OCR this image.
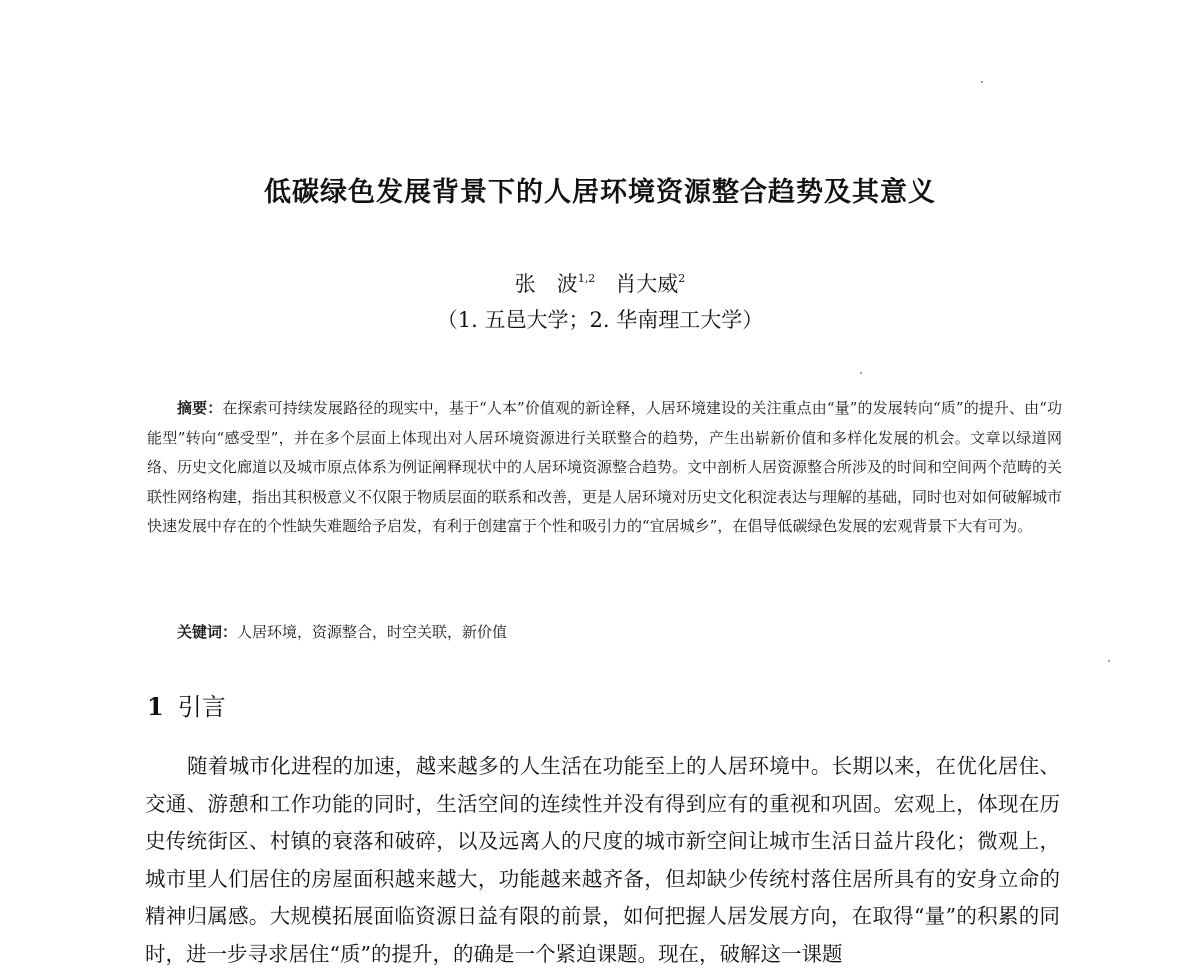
低碳绿色发展背景下的人居环境资源整合趋势及其意义
张　波$^{1,2}$ 肖大威$^2$
（1. 五邑大学；2. 华南理工大学）

摘要：在探索可持续发展路径的现实中，基于“人本”价值观的新诠释，人居环境建设的关注重点由“量”的发展转向“质”的提升、由“功能型”转向“感受型”，并在多个层面上体现出对人居环境资源进行关联整合的趋势，产生出崭新价值和多样化发展的机会。文章以绿道网络、历史文化廊道以及城市原点体系为例证阐释现状中的人居环境资源整合趋势。文中剖析人居资源整合所涉及的时间和空间两个范畴的关联性网络构建，指出其积极意义不仅限于物质层面的联系和改善，更是人居环境对历史文化积淀表达与理解的基础，同时也对如何破解城市快速发展中存在的个性缺失难题给予启发，有利于创建富于个性和吸引力的“宜居城乡”，在倡导低碳绿色发展的宏观背景下大有可为。

关键词：人居环境，资源整合，时空关联，新价值
1 引言

随着城市化进程的加速，越来越多的人生活在功能至上的人居环境中。长期以来，在优化居住、交通、游憩和工作功能的同时，生活空间的连续性并没有得到应有的重视和巩固。宏观上，体现在历史传统街区、村镇的衰落和破碎，以及远离人的尺度的城市新空间让城市生活日益片段化；微观上，城市里人们居住的房屋面积越来越大，功能越来越齐备，但却缺少传统村落住居所具有的安身立命的精神归属感。大规模拓展面临资源日益有限的前景，如何把握人居发展方向，在取得“量”的积累的同时，进一步寻求居住“质”的提升，的确是一个紧迫课题。现在，破解这一课题
